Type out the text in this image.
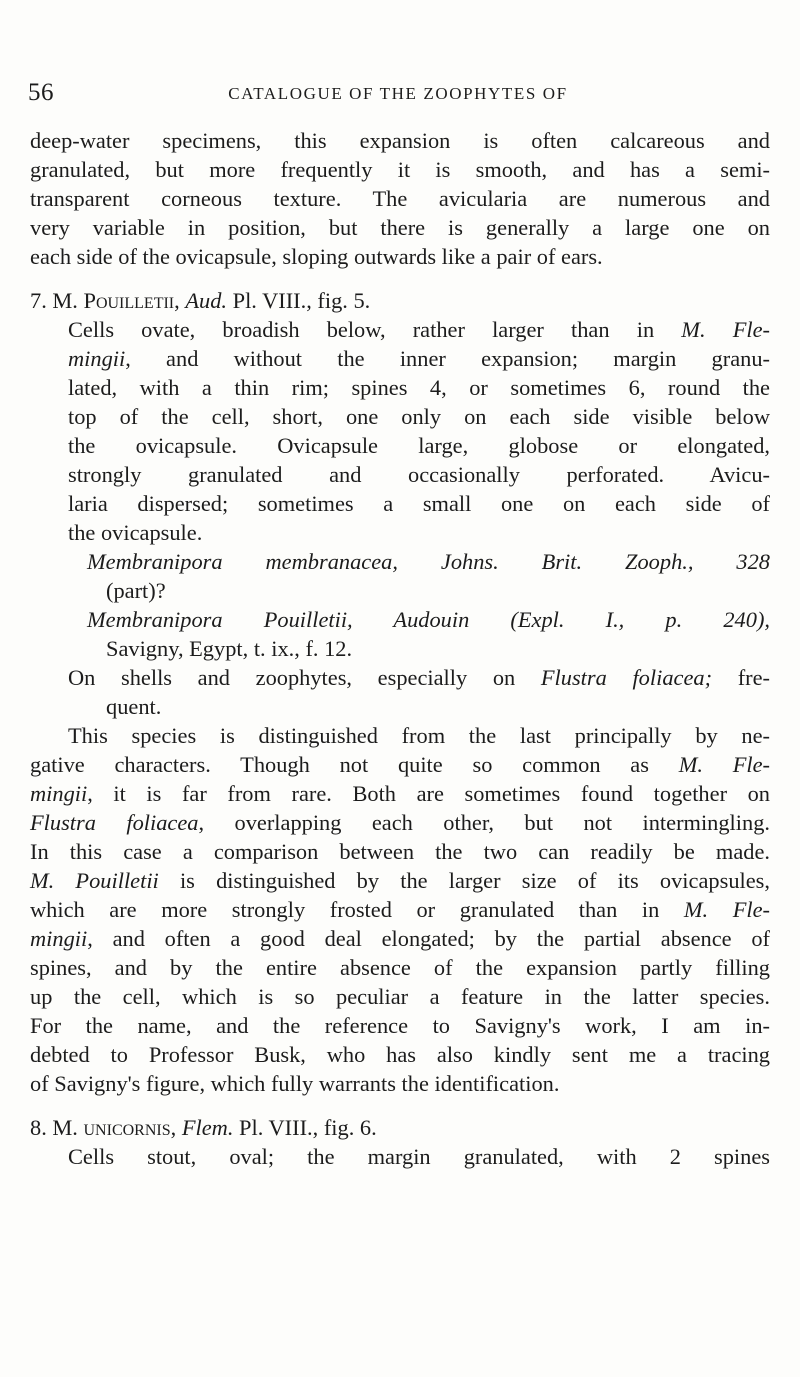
56	CATALOGUE OF THE ZOOPHYTES OF
deep-water specimens, this expansion is often calcareous and
granulated, but more frequently it is smooth, and has a semi-
transparent corneous texture. The avicularia are numerous and
very variable in position, but there is generally a large one on
each side of the ovicapsule, sloping outwards like a pair of ears.
7. M. Pouilletii, Aud. Pl. VIII., fig. 5.
Cells ovate, broadish below, rather larger than in M. Fle-
mingii, and without the inner expansion; margin granu-
lated, with a thin rim; spines 4, or sometimes 6, round the
top of the cell, short, one only on each side visible below
the ovicapsule. Ovicapsule large, globose or elongated,
strongly granulated and occasionally perforated. Avicu-
laria dispersed; sometimes a small one on each side of
the ovicapsule.
Membranipora membranacea, Johns. Brit. Zooph., 328
(part)?
Membranipora Pouilletii, Audouin (Expl. I., p. 240),
Savigny, Egypt, t. ix., f. 12.
On shells and zoophytes, especially on Flustra foliacea; fre-
quent.
This species is distinguished from the last principally by ne-
gative characters. Though not quite so common as M. Fle-
mingii, it is far from rare. Both are sometimes found together on
Flustra foliacea, overlapping each other, but not intermingling.
In this case a comparison between the two can readily be made.
M. Pouilletii is distinguished by the larger size of its ovicapsules,
which are more strongly frosted or granulated than in M. Fle-
mingii, and often a good deal elongated; by the partial absence of
spines, and by the entire absence of the expansion partly filling
up the cell, which is so peculiar a feature in the latter species.
For the name, and the reference to Savigny's work, I am in-
debted to Professor Busk, who has also kindly sent me a tracing
of Savigny's figure, which fully warrants the identification.
8. M. unicornis, Flem. Pl. VIII., fig. 6.
Cells stout, oval; the margin granulated, with 2 spines
